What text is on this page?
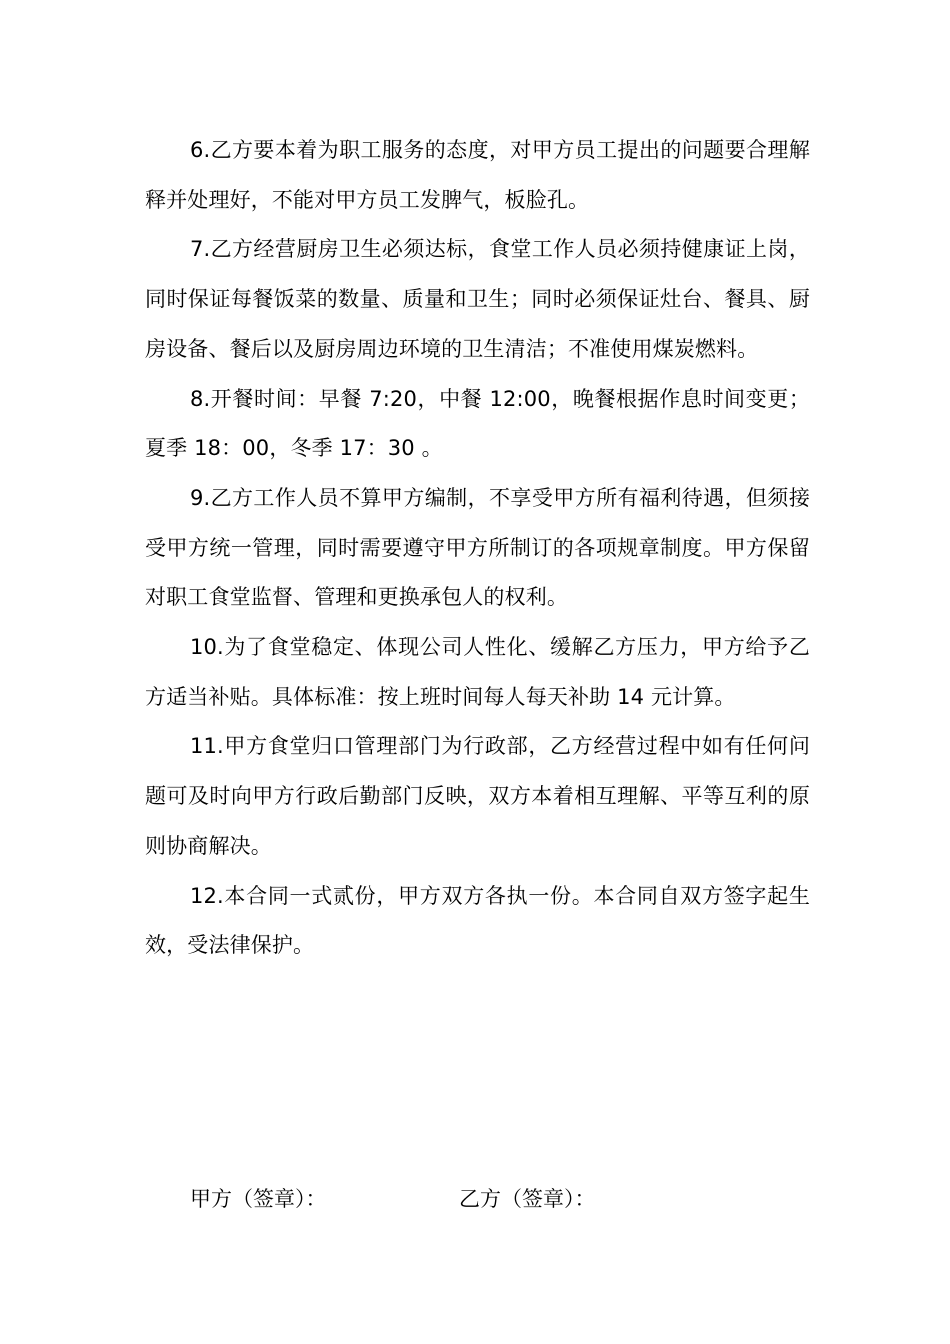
6.乙方要本着为职工服务的态度，对甲方员工提出的问题要合理解释并处理好，不能对甲方员工发脾气，板脸孔。

7.乙方经营厨房卫生必须达标，食堂工作人员必须持健康证上岗，同时保证每餐饭菜的数量、质量和卫生；同时必须保证灶台、餐具、厨房设备、餐后以及厨房周边环境的卫生清洁；不准使用煤炭燃料。

8.开餐时间：早餐 7:20，中餐 12:00，晚餐根据作息时间变更；夏季 18：00，冬季 17：30 。

9.乙方工作人员不算甲方编制，不享受甲方所有福利待遇，但须接受甲方统一管理，同时需要遵守甲方所制订的各项规章制度。甲方保留对职工食堂监督、管理和更换承包人的权利。

10.为了食堂稳定、体现公司人性化、缓解乙方压力，甲方给予乙方适当补贴。具体标准：按上班时间每人每天补助 14 元计算。

11.甲方食堂归口管理部门为行政部，乙方经营过程中如有任何问题可及时向甲方行政后勤部门反映，双方本着相互理解、平等互利的原则协商解决。

12.本合同一式贰份，甲方双方各执一份。本合同自双方签字起生效，受法律保护。

甲方（签章）：	乙方（签章）：
